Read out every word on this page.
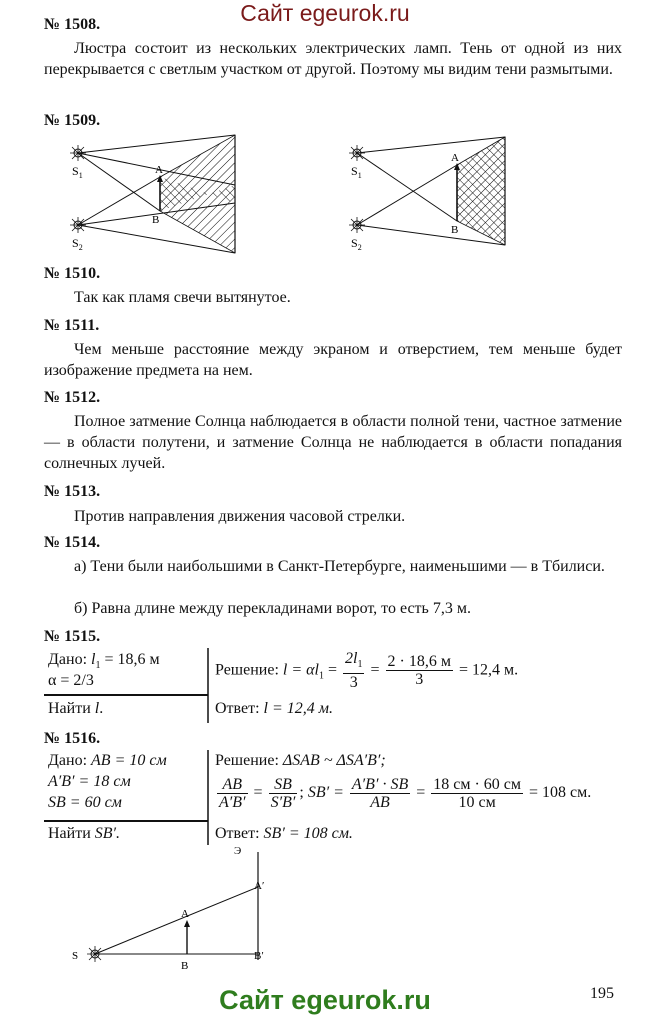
Сайт egeurok.ru
№ 1508.
Люстра состоит из нескольких электрических ламп. Тень от одной из них перекрывается с светлым участком от другой. Поэтому мы видим тени размытыми.
№ 1509.
$S_1$
$S_2$
A
B
$S_1$
$S_2$
A
B
№ 1510.
Так как пламя свечи вытянутое.
№ 1511.
Чем меньше расстояние между экраном и отверстием, тем меньше будет изображение предмета на нем.
№ 1512.
Полное затмение Солнца наблюдается в области полной тени, частное затмение — в области полутени, и затмение Солнца не наблюдается в области попадания солнечных лучей.
№ 1513.
Против направления движения часовой стрелки.
№ 1514.
а) Тени были наибольшими в Санкт-Петербурге, наименьшими — в Тбилиси.
б) Равна длине между перекладинами ворот, то есть 7,3 м.
№ 1515.
Дано: $l_1 = 18,6$ м
α = 2/3
Найти l.
Решение: $l = \alpha l_1 = \frac{2l_1}{3} = \frac{2 \cdot 18,6 м}{3} = 12,4$ м.
Ответ: l = 12,4 м.
№ 1516.
Дано: AB = 10 см
A′B′ = 18 см
SB = 60 см
Найти SB′.
Решение: ΔSAB ~ ΔSA′B′;
$\frac{AB}{A'B'} = \frac{SB}{S'B'}$ ; $SB' = \frac{A'B' \cdot SB}{AB} = \frac{18 см \cdot 60 см}{10 см} = 108$ см.
Ответ: SB′ = 108 см.
S
A
B
A′
B′
Э
195
Сайт egeurok.ru
